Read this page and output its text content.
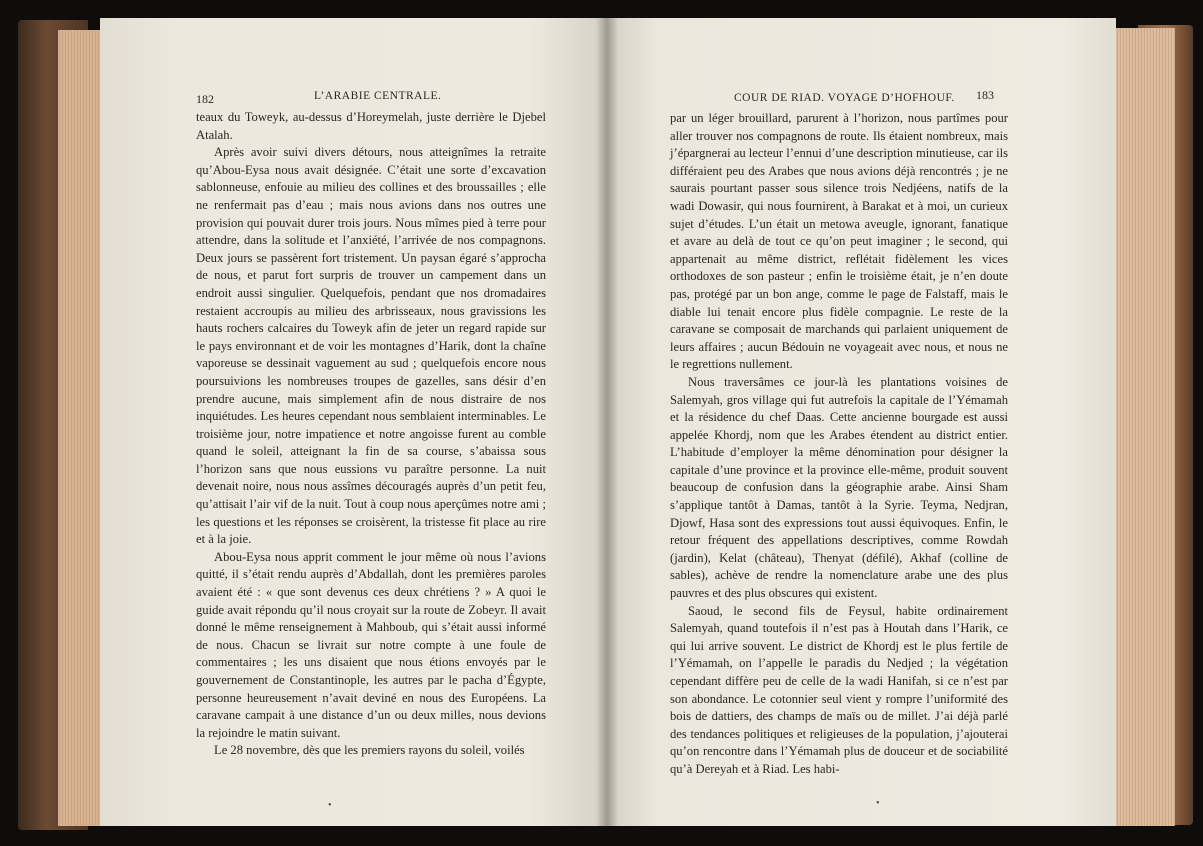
182	L’ARABIE CENTRALE.

teaux du Toweyk, au-dessus d’Horeymelah, juste derrière le Djebel Atalah.

Après avoir suivi divers détours, nous atteignîmes la retraite qu’Abou-Eysa nous avait désignée. C’était une sorte d’excavation sablonneuse, enfouie au milieu des collines et des broussailles ; elle ne renfermait pas d’eau ; mais nous avions dans nos outres une provision qui pouvait durer trois jours. Nous mîmes pied à terre pour attendre, dans la solitude et l’anxiété, l’arrivée de nos compagnons. Deux jours se passèrent fort tristement. Un paysan égaré s’approcha de nous, et parut fort surpris de trouver un campement dans un endroit aussi singulier. Quelquefois, pendant que nos dromadaires restaient accroupis au milieu des arbrisseaux, nous gravissions les hauts rochers calcaires du Toweyk afin de jeter un regard rapide sur le pays environnant et de voir les montagnes d’Harik, dont la chaîne vaporeuse se dessinait vaguement au sud ; quelquefois encore nous poursuivions les nombreuses troupes de gazelles, sans désir d’en prendre aucune, mais simplement afin de nous distraire de nos inquiétudes. Les heures cependant nous semblaient interminables. Le troisième jour, notre impatience et notre angoisse furent au comble quand le soleil, atteignant la fin de sa course, s’abaissa sous l’horizon sans que nous eussions vu paraître personne. La nuit devenait noire, nous nous assîmes découragés auprès d’un petit feu, qu’attisait l’air vif de la nuit. Tout à coup nous aperçûmes notre ami ; les questions et les réponses se croisèrent, la tristesse fit place au rire et à la joie.

Abou-Eysa nous apprit comment le jour même où nous l’avions quitté, il s’était rendu auprès d’Abdallah, dont les premières paroles avaient été : « que sont devenus ces deux chrétiens ? » A quoi le guide avait répondu qu’il nous croyait sur la route de Zobeyr. Il avait donné le même renseignement à Mahboub, qui s’était aussi informé de nous. Chacun se livrait sur notre compte à une foule de commentaires ; les uns disaient que nous étions envoyés par le gouvernement de Constantinople, les autres par le pacha d’Égypte, personne heureusement n’avait deviné en nous des Européens. La caravane campait à une distance d’un ou deux milles, nous devions la rejoindre le matin suivant.

Le 28 novembre, dès que les premiers rayons du soleil, voilés

•
COUR DE RIAD. VOYAGE D’HOFHOUF. 183

par un léger brouillard, parurent à l’horizon, nous partîmes pour aller trouver nos compagnons de route. Ils étaient nombreux, mais j’épargnerai au lecteur l’ennui d’une description minutieuse, car ils différaient peu des Arabes que nous avions déjà rencontrés ; je ne saurais pourtant passer sous silence trois Nedjéens, natifs de la wadi Dowasir, qui nous fournirent, à Barakat et à moi, un curieux sujet d’études. L’un était un metowa aveugle, ignorant, fanatique et avare au delà de tout ce qu’on peut imaginer ; le second, qui appartenait au même district, reflétait fidèlement les vices orthodoxes de son pasteur ; enfin le troisième était, je n’en doute pas, protégé par un bon ange, comme le page de Falstaff, mais le diable lui tenait encore plus fidèle compagnie. Le reste de la caravane se composait de marchands qui parlaient uniquement de leurs affaires ; aucun Bédouin ne voyageait avec nous, et nous ne le regrettions nullement.

Nous traversâmes ce jour-là les plantations voisines de Salemyah, gros village qui fut autrefois la capitale de l’Yémamah et la résidence du chef Daas. Cette ancienne bourgade est aussi appelée Khordj, nom que les Arabes étendent au district entier. L’habitude d’employer la même dénomination pour désigner la capitale d’une province et la province elle-même, produit souvent beaucoup de confusion dans la géographie arabe. Ainsi Sham s’applique tantôt à Damas, tantôt à la Syrie. Teyma, Nedjran, Djowf, Hasa sont des expressions tout aussi équivoques. Enfin, le retour fréquent des appellations descriptives, comme Rowdah (jardin), Kelat (château), Thenyat (défilé), Akhaf (colline de sables), achève de rendre la nomenclature arabe une des plus pauvres et des plus obscures qui existent.

Saoud, le second fils de Feysul, habite ordinairement Salemyah, quand toutefois il n’est pas à Houtah dans l’Harik, ce qui lui arrive souvent. Le district de Khordj est le plus fertile de l’Yémamah, on l’appelle le paradis du Nedjed ; la végétation cependant diffère peu de celle de la wadi Hanifah, si ce n’est par son abondance. Le cotonnier seul vient y rompre l’uniformité des bois de dattiers, des champs de maïs ou de millet. J’ai déjà parlé des tendances politiques et religieuses de la population, j’ajouterai qu’on rencontre dans l’Yémamah plus de douceur et de sociabilité qu’à Dereyah et à Riad. Les habi-

•
